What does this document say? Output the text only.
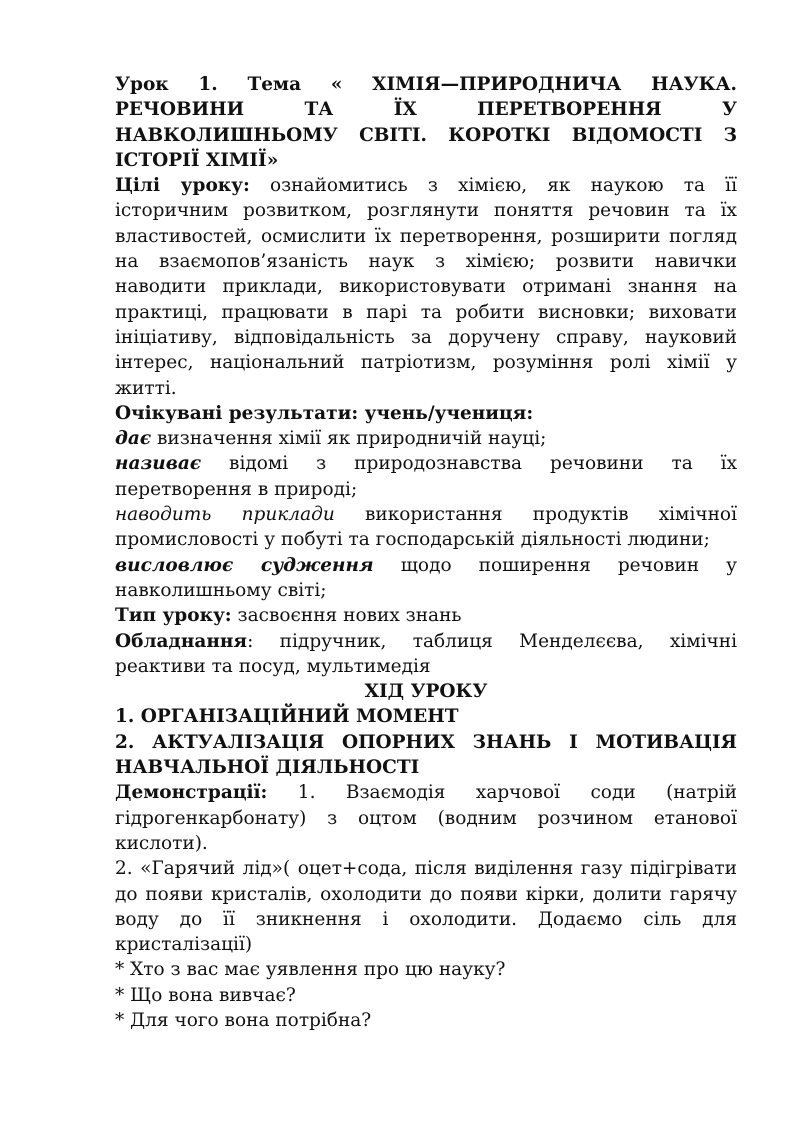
Урок 1. Тема « ХІМІЯ—ПРИРОДНИЧА НАУКА.
РЕЧОВИНИ ТА ЇХ ПЕРЕТВОРЕННЯ У
НАВКОЛИШНЬОМУ СВІТІ. КОРОТКІ ВІДОМОСТІ З
ІСТОРІЇ ХІМІЇ»

Цілі уроку: ознайомитись з хімією, як наукою та її історичним розвитком, розглянути поняття речовин та їх властивостей, осмислити їх перетворення, розширити погляд на взаємопов’язаність наук з хімією; розвити навички наводити приклади, використовувати отримані знання на практиці, працювати в парі та робити висновки; виховати ініціативу, відповідальність за доручену справу, науковий інтерес, національний патріотизм, розуміння ролі хімії у житті.

Очікувані результати: учень/учениця:

дає визначення хімії як природничій науці;

називає відомі з природознавства речовини та їх перетворення в природі;

наводить приклади використання продуктів хімічної промисловості у побуті та господарській діяльності людини;

висловлює судження щодо поширення речовин у навколишньому світі;

Тип уроку: засвоєння нових знань

Обладнання: підручник, таблиця Менделєєва, хімічні реактиви та посуд, мультимедія

ХІД УРОКУ

1. ОРГАНІЗАЦІЙНИЙ МОМЕНТ

2. АКТУАЛІЗАЦІЯ ОПОРНИХ ЗНАНЬ І МОТИВАЦІЯ НАВЧАЛЬНОЇ ДІЯЛЬНОСТІ

Демонстрації: 1. Взаємодія харчової соди (натрій гідрогенкарбонату) з оцтом (водним розчином етанової кислоти).

2. «Гарячий лід»( оцет+сода, після виділення газу підігрівати до появи кристалів, охолодити до появи кірки, долити гарячу воду до її зникнення і охолодити. Додаємо сіль для кристалізації)

* Хто з вас має уявлення про цю науку?

* Що вона вивчає?

* Для чого вона потрібна?
